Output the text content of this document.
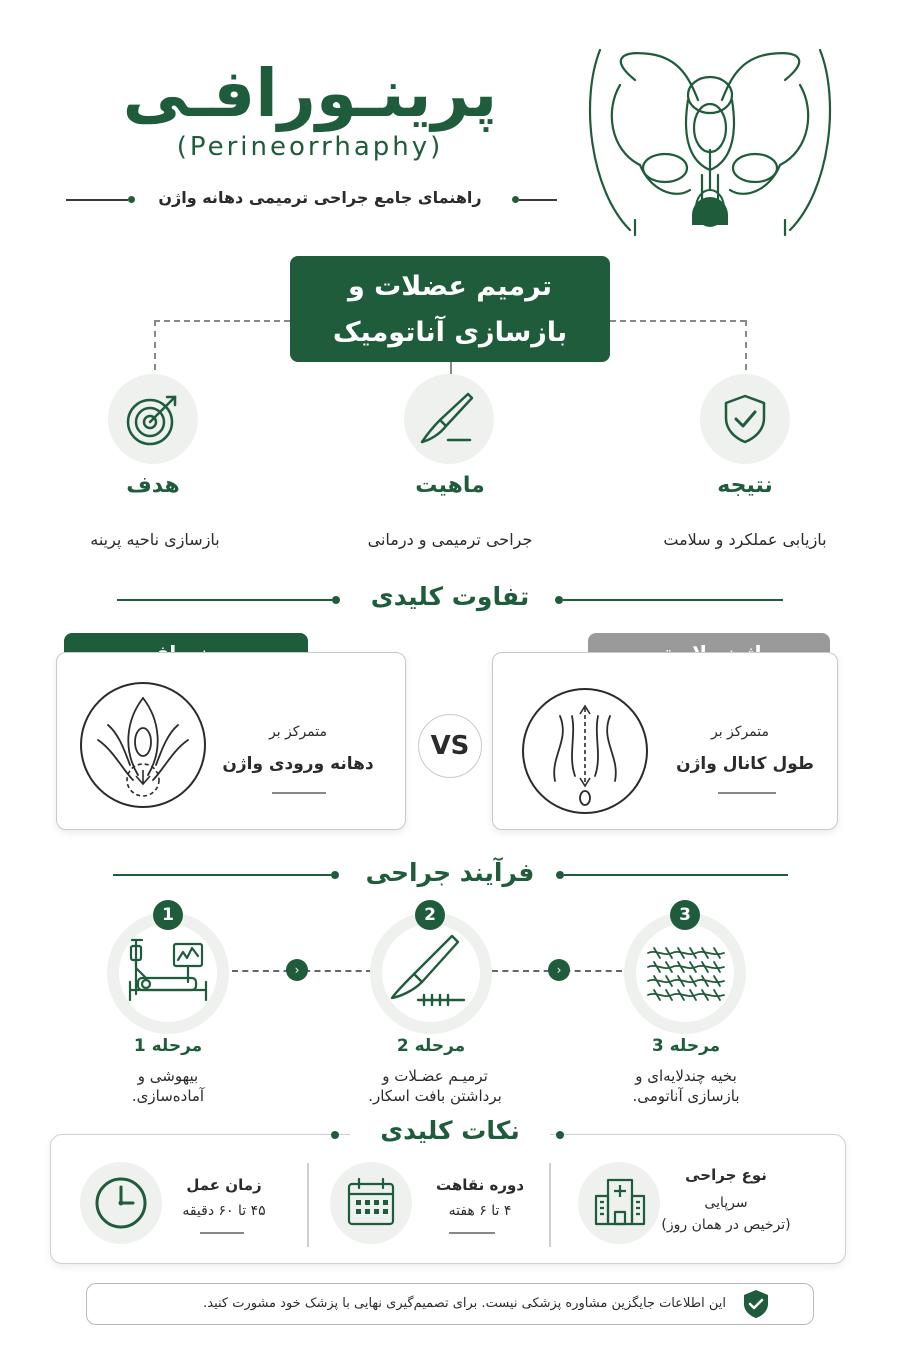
پرینـورافـی
(Perineorrhaphy)
راهنمای جامع جراحی ترمیمی دهانه واژن
ترمیم عضلات و
بازسازی آناتومیک
نتیجه
بازیابی عملکرد و سلامت
ماهیت
جراحی ترمیمی و درمانی
هدف
بازسازی ناحیه پرینه
تفاوت کلیدی
متمرکز بر
طول کانال واژن
VS
متمرکز بر
دهانه ورودی واژن
فرآیند جراحی
›	›
1
مرحله 1
بیهوشی و
آماده‌سازی.
2
مرحله 2
ترمیـم عضـلات و
برداشتن بافت اسکار.
3
مرحله 3
بخیه چندلایه‌ای و
بازسازی آناتومی.
نکات کلیدی
نوع جراحی
سرپایی
(ترخیص در همان روز)
دوره نقاهت
۴ تا ۶ هفته
زمان عمل
۴۵ تا ۶۰ دقیقه
این اطلاعات جایگزین مشاوره پزشکی نیست. برای تصمیم‌گیری نهایی با پزشک خود مشورت کنید.
